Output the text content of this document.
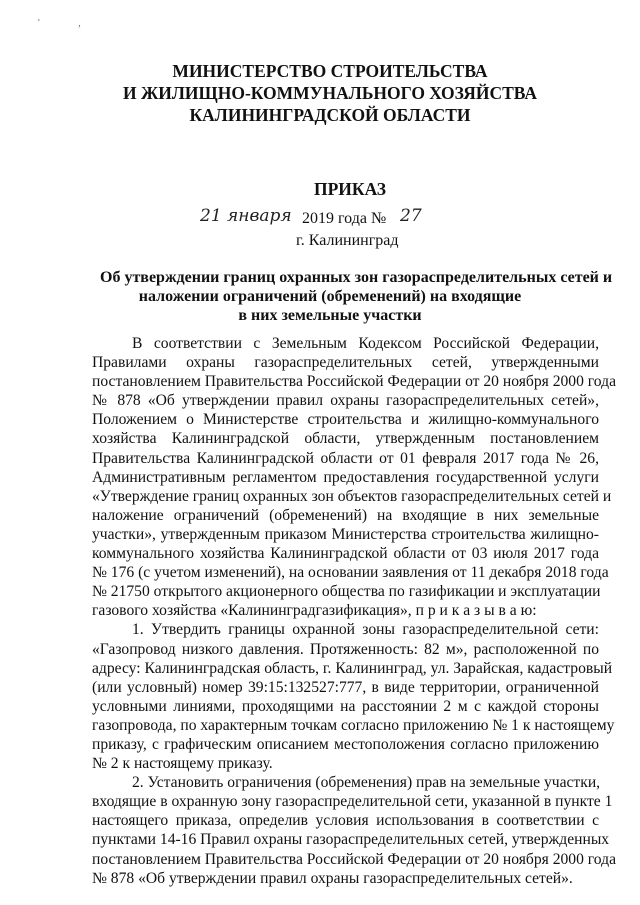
' ,
МИНИСТЕРСТВО СТРОИТЕЛЬСТВА
И ЖИЛИЩНО-КОММУНАЛЬНОГО ХОЗЯЙСТВА
КАЛИНИНГРАДСКОЙ ОБЛАСТИ
ПРИКАЗ
21 января 2019 года № 27
г. Калининград
Об утверждении границ охранных зон газораспределительных сетей и
наложении ограничений (обременений) на входящие
в них земельные участки
В соответствии с Земельным Кодексом Российской Федерации,
Правилами охраны газораспределительных сетей, утвержденными
постановлением Правительства Российской Федерации от 20 ноября 2000 года
№ 878 «Об утверждении правил охраны газораспределительных сетей»,
Положением о Министерстве строительства и жилищно-коммунального
хозяйства Калининградской области, утвержденным постановлением
Правительства Калининградской области от 01 февраля 2017 года № 26,
Административным регламентом предоставления государственной услуги
«Утверждение границ охранных зон объектов газораспределительных сетей и
наложение ограничений (обременений) на входящие в них земельные
участки», утвержденным приказом Министерства строительства жилищно-
коммунального хозяйства Калининградской области от 03 июля 2017 года
№ 176 (с учетом изменений), на основании заявления от 11 декабря 2018 года
№ 21750 открытого акционерного общества по газификации и эксплуатации
газового хозяйства «Калининградгазификация», п р и к а з ы в а ю:
1. Утвердить границы охранной зоны газораспределительной сети:
«Газопровод низкого давления. Протяженность: 82 м», расположенной по
адресу: Калининградская область, г. Калининград, ул. Зарайская, кадастровый
(или условный) номер 39:15:132527:777, в виде территории, ограниченной
условными линиями, проходящими на расстоянии 2 м с каждой стороны
газопровода, по характерным точкам согласно приложению № 1 к настоящему
приказу, с графическим описанием местоположения согласно приложению
№ 2 к настоящему приказу.
2. Установить ограничения (обременения) прав на земельные участки,
входящие в охранную зону газораспределительной сети, указанной в пункте 1
настоящего приказа, определив условия использования в соответствии с
пунктами 14-16 Правил охраны газораспределительных сетей, утвержденных
постановлением Правительства Российской Федерации от 20 ноября 2000 года
№ 878 «Об утверждении правил охраны газораспределительных сетей».
